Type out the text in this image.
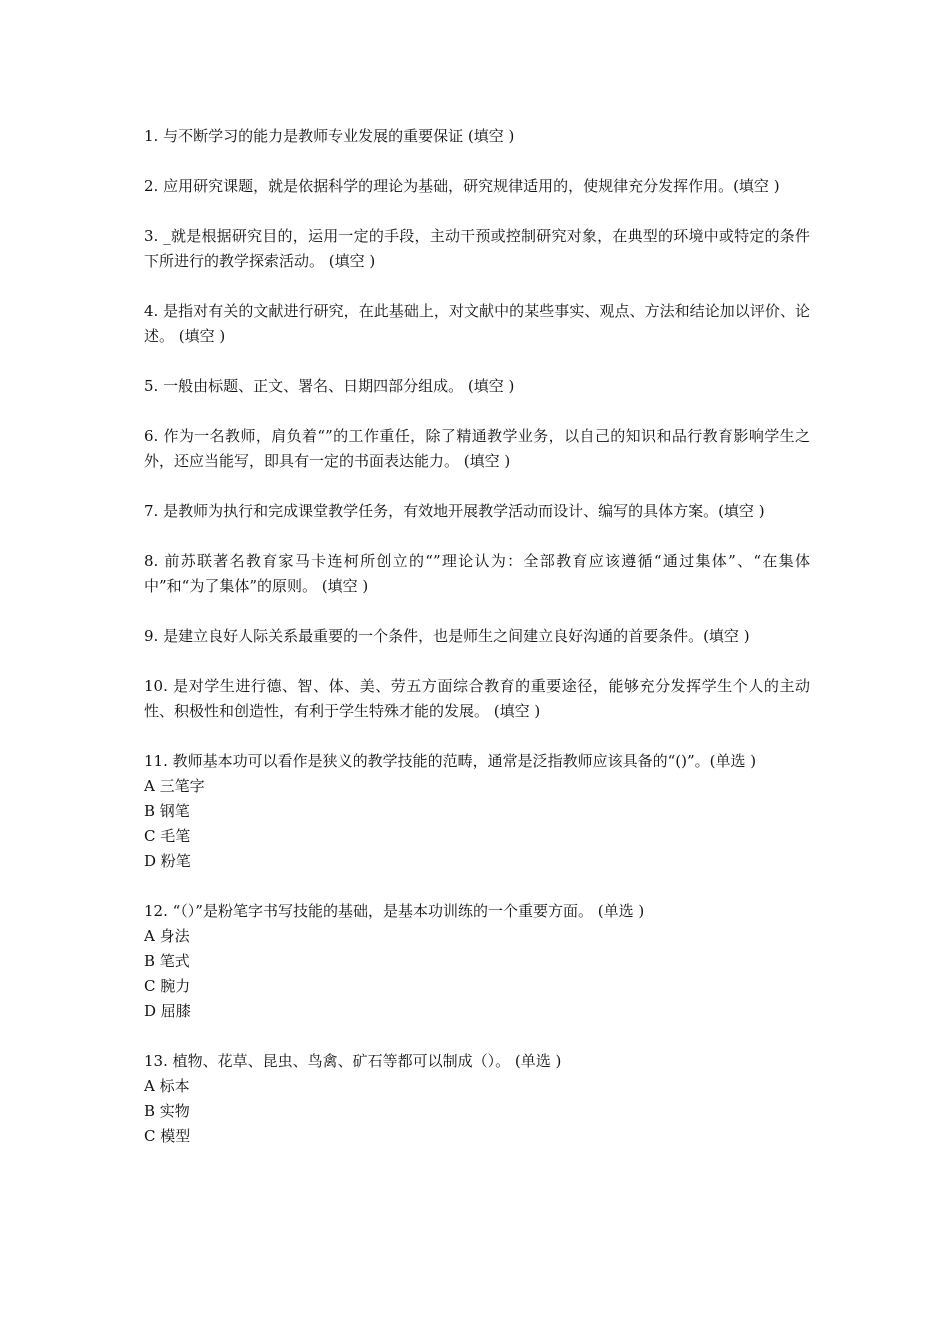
1. 与不断学习的能力是教师专业发展的重要保证 (填空 )
2. 应用研究课题，就是依据科学的理论为基础，研究规律适用的，使规律充分发挥作用。(填空 )
3. _就是根据研究目的，运用一定的手段，主动干预或控制研究对象，在典型的环境中或特定的条件下所进行的教学探索活动。 (填空 )
4. 是指对有关的文献进行研究，在此基础上，对文献中的某些事实、观点、方法和结论加以评价、论述。 (填空 )
5. 一般由标题、正文、署名、日期四部分组成。 (填空 )
6. 作为一名教师，肩负着“”的工作重任，除了精通教学业务，以自己的知识和品行教育影响学生之外，还应当能写，即具有一定的书面表达能力。 (填空 )
7. 是教师为执行和完成课堂教学任务，有效地开展教学活动而设计、编写的具体方案。(填空 )
8. 前苏联著名教育家马卡连柯所创立的“”理论认为：全部教育应该遵循“通过集体”、“在集体中”和“为了集体”的原则。 (填空 )
9. 是建立良好人际关系最重要的一个条件，也是师生之间建立良好沟通的首要条件。(填空 )
10. 是对学生进行德、智、体、美、劳五方面综合教育的重要途径，能够充分发挥学生个人的主动性、积极性和创造性，有利于学生特殊才能的发展。 (填空 )
11. 教师基本功可以看作是狭义的教学技能的范畴，通常是泛指教师应该具备的“()”。(单选 )
A 三笔字
B 钢笔
C 毛笔
D 粉笔
12. “（）”是粉笔字书写技能的基础，是基本功训练的一个重要方面。 (单选 )
A 身法
B 笔式
C 腕力
D 屈膝
13. 植物、花草、昆虫、鸟禽、矿石等都可以制成（）。 (单选 )
A 标本
B 实物
C 模型
